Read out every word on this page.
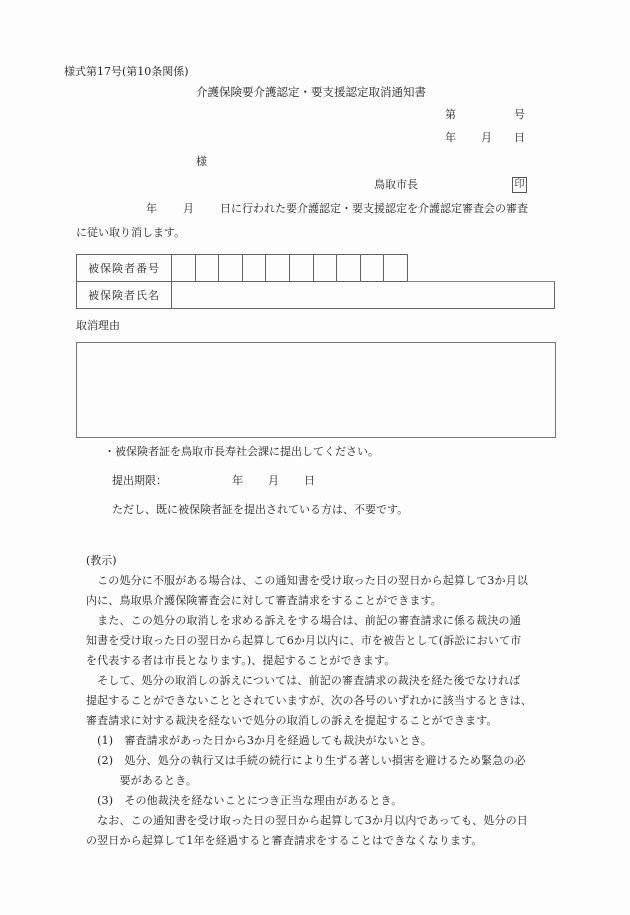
様式第17号(第10条関係)
介護保険要介護認定・要支援認定取消通知書
第	号
年 月 日
様
鳥取市長	印
年 月 日に行われた要介護認定・要支援認定を介護認定審査会の審査
に従い取り消します。
被保険者番号											
被保険者氏名											
取消理由
・被保険者証を鳥取市長寿社会課に提出してください。
提出期限：	年 月 日
ただし、既に被保険者証を提出されている方は、不要です。
(教示)
　この処分に不服がある場合は、この通知書を受け取った日の翌日から起算して3か月以
内に、鳥取県介護保険審査会に対して審査請求をすることができます。
　また、この処分の取消しを求める訴えをする場合は、前記の審査請求に係る裁決の通
知書を受け取った日の翌日から起算して6か月以内に、市を被告として(訴訟において市
を代表する者は市長となります。)、提起することができます。
　そして、処分の取消しの訴えについては、前記の審査請求の裁決を経た後でなければ
提起することができないこととされていますが、次の各号のいずれかに該当するときは、
審査請求に対する裁決を経ないで処分の取消しの訴えを提起することができます。
　(1)　審査請求があった日から3か月を経過しても裁決がないとき。
　(2)　処分、処分の執行又は手続の続行により生ずる著しい損害を避けるため緊急の必
　　　要があるとき。
　(3)　その他裁決を経ないことにつき正当な理由があるとき。
　なお、この通知書を受け取った日の翌日から起算して3か月以内であっても、処分の日
の翌日から起算して1年を経過すると審査請求をすることはできなくなります。
